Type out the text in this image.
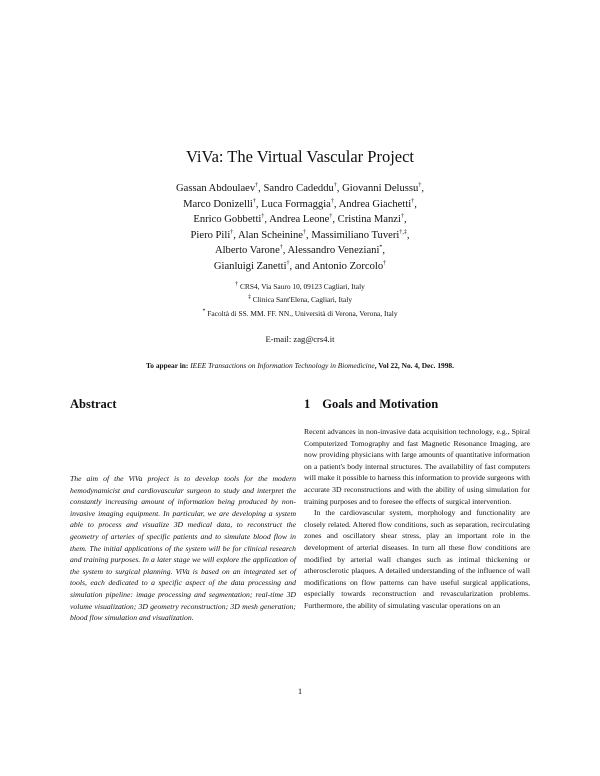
ViVa: The Virtual Vascular Project
Gassan Abdoulaev†, Sandro Cadeddu†, Giovanni Delussu†,
Marco Donizelli†, Luca Formaggia†, Andrea Giachetti†,
Enrico Gobbetti†, Andrea Leone†, Cristina Manzi†,
Piero Pili†, Alan Scheinine†, Massimiliano Tuveri†,‡,
Alberto Varone†, Alessandro Veneziani*,
Gianluigi Zanetti†, and Antonio Zorcolo†
† CRS4, Via Sauro 10, 09123 Cagliari, Italy
‡ Clinica Sant'Elena, Cagliari, Italy
* Facoltà di SS. MM. FF. NN., Università di Verona, Verona, Italy
E-mail: zag@crs4.it
To appear in: IEEE Transactions on Information Technology in Biomedicine, Vol 22, No. 4, Dec. 1998.
Abstract	1 Goals and Motivation

The aim of the ViVa project is to develop tools for the modern hemodynamicist and cardiovascular surgeon to study and interpret the constantly increasing amount of information being produced by non-invasive imaging equipment. In particular, we are developing a system able to process and visualize 3D medical data, to reconstruct the geometry of arteries of specific patients and to simulate blood flow in them. The initial applications of the system will be for clinical research and training purposes. In a later stage we will explore the application of the system to surgical planning. ViVa is based on an integrated set of tools, each dedicated to a specific aspect of the data processing and simulation pipeline: image processing and segmentation; real-time 3D volume visualization; 3D geometry reconstruction; 3D mesh generation; blood flow simulation and visualization.

Recent advances in non-invasive data acquisition technology, e.g., Spiral Computerized Tomography and fast Magnetic Resonance Imaging, are now providing physicians with large amounts of quantitative information on a patient's body internal structures. The availability of fast computers will make it possible to harness this information to provide surgeons with accurate 3D reconstructions and with the ability of using simulation for training purposes and to foresee the effects of surgical intervention.

In the cardiovascular system, morphology and functionality are closely related. Altered flow conditions, such as separation, recirculating zones and oscillatory shear stress, play an important role in the development of arterial diseases. In turn all these flow conditions are modified by arterial wall changes such as intimal thickening or atherosclerotic plaques. A detailed understanding of the influence of wall modifications on flow patterns can have useful surgical applications, especially towards reconstruction and revascularization problems. Furthermore, the ability of simulating vascular operations on an

1
